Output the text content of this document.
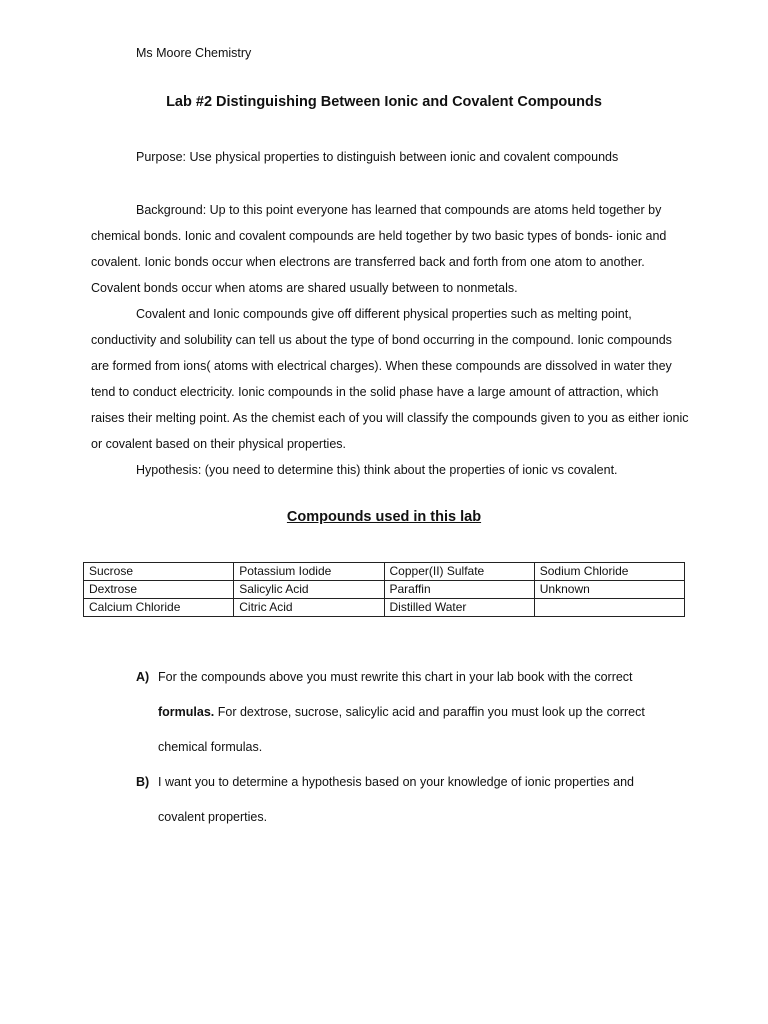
Ms Moore Chemistry
Lab #2 Distinguishing Between Ionic and Covalent Compounds
Purpose: Use physical properties to distinguish between ionic and covalent compounds

Background: Up to this point everyone has learned that compounds are atoms held together by chemical bonds. Ionic and covalent compounds are held together by two basic types of bonds- ionic and covalent. Ionic bonds occur when electrons are transferred back and forth from one atom to another. Covalent bonds occur when atoms are shared usually between to nonmetals.

Covalent and Ionic compounds give off different physical properties such as melting point, conductivity and solubility can tell us about the type of bond occurring in the compound. Ionic compounds are formed from ions( atoms with electrical charges). When these compounds are dissolved in water they tend to conduct electricity. Ionic compounds in the solid phase have a large amount of attraction, which raises their melting point. As the chemist each of you will classify the compounds given to you as either ionic or covalent based on their physical properties.

Hypothesis: (you need to determine this) think about the properties of ionic vs covalent.

Compounds used in this lab
Sucrose	Potassium Iodide	Copper(II) Sulfate	Sodium Chloride
Dextrose	Salicylic Acid	Paraffin	Unknown
Calcium Chloride	Citric Acid	Distilled Water	
A) For the compounds above you must rewrite this chart in your lab book with the correct
formulas. For dextrose, sucrose, salicylic acid and paraffin you must look up the correct
chemical formulas.
B) I want you to determine a hypothesis based on your knowledge of ionic properties and
covalent properties.
